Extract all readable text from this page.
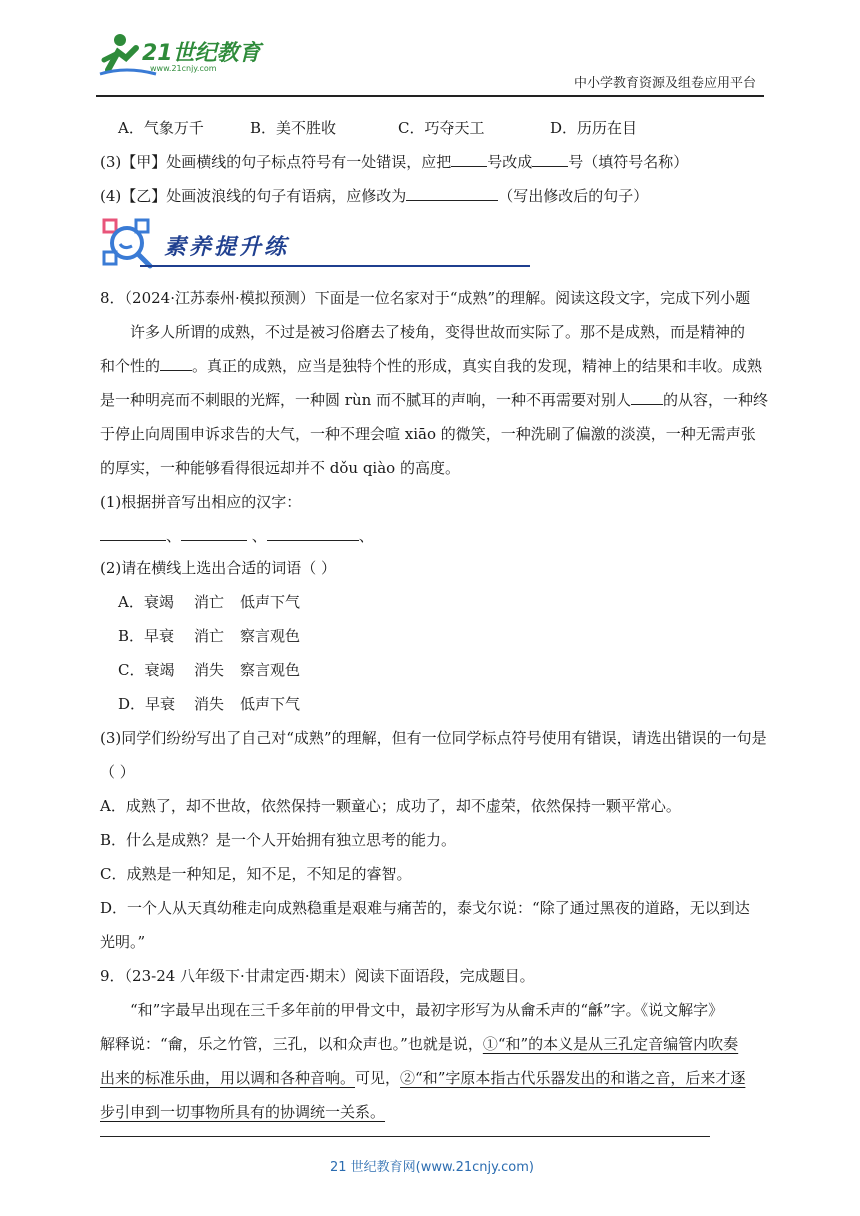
21世纪教育
www.21cnjy.com
中小学教育资源及组卷应用平台
A．气象万千	B．美不胜收	C．巧夺天工	D．历历在目
(3)【甲】处画横线的句子标点符号有一处错误，应把 号改成 号（填符号名称）
(4)【乙】处画波浪线的句子有语病，应修改为	（写出修改后的句子）
素养提升练
8．（2024·江苏泰州·模拟预测）下面是一位名家对于“成熟”的理解。阅读这段文字，完成下列小题
许多人所谓的成熟，不过是被习俗磨去了棱角，变得世故而实际了。那不是成熟，而是精神的
和个性的 。真正的成熟，应当是独特个性的形成，真实自我的发现，精神上的结果和丰收。成熟
是一种明亮而不刺眼的光辉，一种圆 rùn 而不腻耳的声响，一种不再需要对别人 的从容，一种终
于停止向周围申诉求告的大气，一种不理会喧 xiāo 的微笑，一种洗刷了偏激的淡漠，一种无需声张
的厚实，一种能够看得很远却并不 dǒu qiào 的高度。
(1)根据拼音写出相应的汉字：
、	、	、
(2)请在横线上选出合适的词语（ ）
A．衰竭 消亡 低声下气
B．早衰 消亡 察言观色
C．衰竭 消失 察言观色
D．早衰 消失 低声下气
(3)同学们纷纷写出了自己对“成熟”的理解，但有一位同学标点符号使用有错误，请选出错误的一句是
（ ）
A．成熟了，却不世故，依然保持一颗童心；成功了，却不虚荣，依然保持一颗平常心。
B．什么是成熟？是一个人开始拥有独立思考的能力。
C．成熟是一种知足，知不足，不知足的睿智。
D．一个人从天真幼稚走向成熟稳重是艰难与痛苦的，泰戈尔说：“除了通过黑夜的道路，无以到达
光明。”
9．（23-24 八年级下·甘肃定西·期末）阅读下面语段，完成题目。
“和”字最早出现在三千多年前的甲骨文中，最初字形写为从龠禾声的“龢”字。《说文解字》
解释说：“龠，乐之竹管，三孔，以和众声也。”也就是说，①“和”的本义是从三孔定音编管内吹奏
出来的标准乐曲，用以调和各种音响。可见，②“和”字原本指古代乐器发出的和谐之音，后来才逐
步引申到一切事物所具有的协调统一关系。
21 世纪教育网(www.21cnjy.com)
